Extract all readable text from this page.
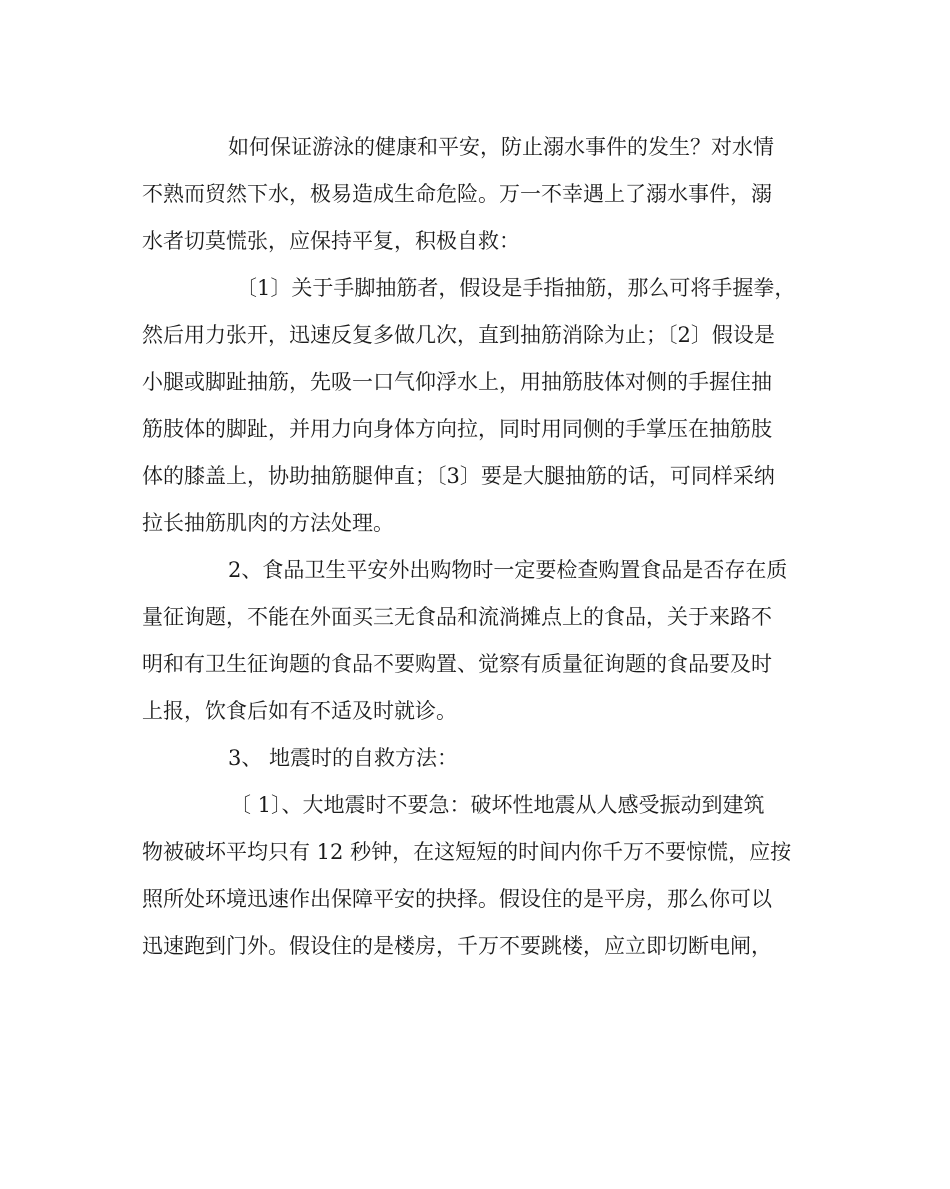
如何保证游泳的健康和平安，防止溺水事件的发生？对水情
不熟而贸然下水，极易造成生命危险。万一不幸遇上了溺水事件，溺
水者切莫慌张，应保持平复，积极自救：
〔1〕关于手脚抽筋者，假设是手指抽筋，那么可将手握拳，
然后用力张开，迅速反复多做几次，直到抽筋消除为止；〔2〕假设是
小腿或脚趾抽筋，先吸一口气仰浮水上，用抽筋肢体对侧的手握住抽
筋肢体的脚趾，并用力向身体方向拉，同时用同侧的手掌压在抽筋肢
体的膝盖上，协助抽筋腿伸直；〔3〕要是大腿抽筋的话，可同样采纳
拉长抽筋肌肉的方法处理。
2、食品卫生平安外出购物时一定要检查购置食品是否存在质
量征询题，不能在外面买三无食品和流淌摊点上的食品，关于来路不
明和有卫生征询题的食品不要购置、觉察有质量征询题的食品要及时
上报，饮食后如有不适及时就诊。
3、 地震时的自救方法：
〔 1〕、大地震时不要急：破坏性地震从人感受振动到建筑
物被破坏平均只有 12 秒钟，在这短短的时间内你千万不要惊慌，应按
照所处环境迅速作出保障平安的抉择。假设住的是平房，那么你可以
迅速跑到门外。假设住的是楼房，千万不要跳楼，应立即切断电闸，
